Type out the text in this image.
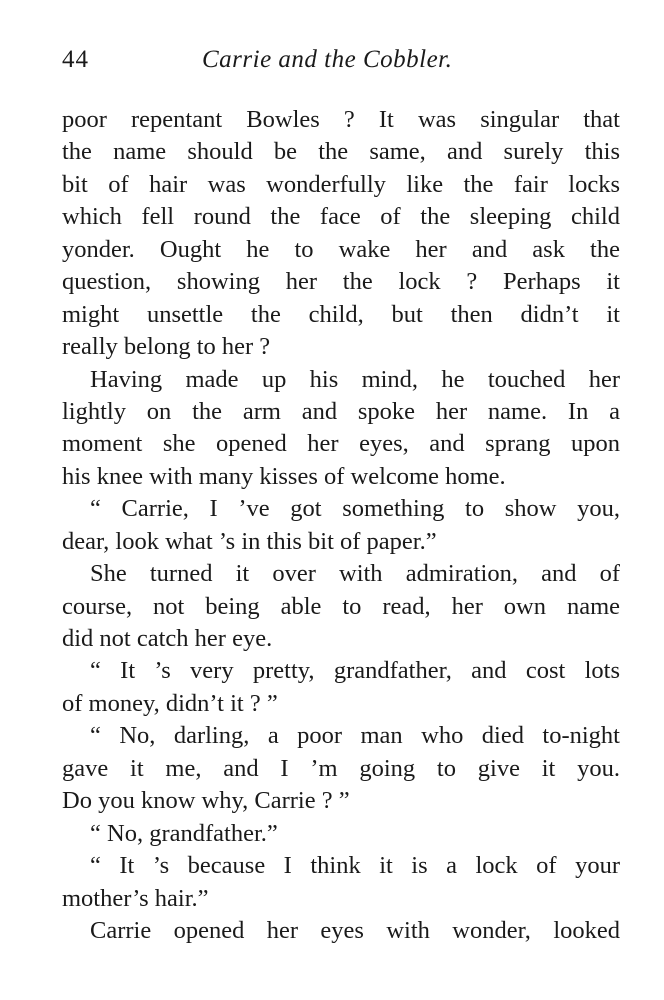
44	Carrie and the Cobbler.
poor repentant Bowles ? It was singular that
the name should be the same, and surely this
bit of hair was wonderfully like the fair locks
which fell round the face of the sleeping child
yonder. Ought he to wake her and ask the
question, showing her the lock ? Perhaps it
might unsettle the child, but then didn’t it
really belong to her ?
Having made up his mind, he touched her
lightly on the arm and spoke her name. In a
moment she opened her eyes, and sprang upon
his knee with many kisses of welcome home.
“ Carrie, I ’ve got something to show you,
dear, look what ’s in this bit of paper.”
She turned it over with admiration, and of
course, not being able to read, her own name
did not catch her eye.
“ It ’s very pretty, grandfather, and cost lots
of money, didn’t it ? ”
“ No, darling, a poor man who died to-night
gave it me, and I ’m going to give it you.
Do you know why, Carrie ? ”
“ No, grandfather.”
“ It ’s because I think it is a lock of your
mother’s hair.”
Carrie opened her eyes with wonder, looked
